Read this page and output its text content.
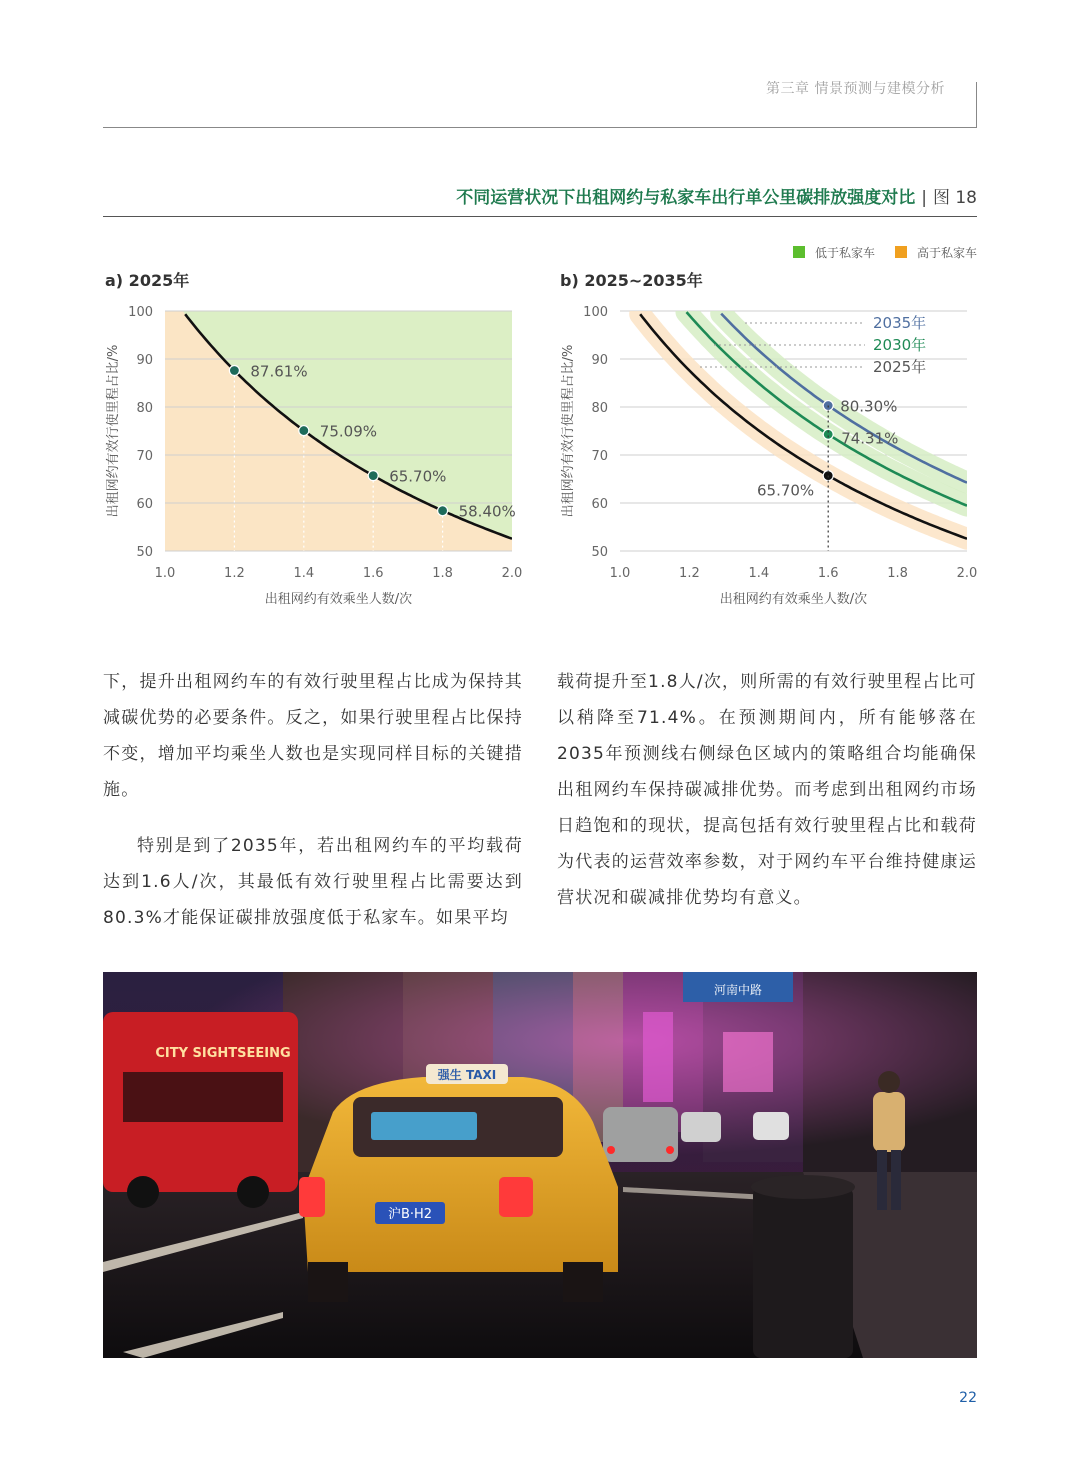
第三章 情景预测与建模分析
不同运营状况下出租网约与私家车出行单公里碳排放强度对比 | 图 18
低于私家车	高于私家车
a) 2025年
50
60
70
80
90
100
1.0	1.2	1.4	1.6	1.8	2.0
出租网约有效乘坐人数/次
出租网约有效行使里程占比/%	87.61%
75.09%
65.70%
58.40%
b) 2025~2035年
50
60
70
80
90
100
1.0	1.2	1.4	1.6	1.8	2.0
出租网约有效乘坐人数/次
出租网约有效行使里程占比/%
2035年
2030年
2025年
80.30%
74.31%
65.70%

下，提升出租网约车的有效行驶里程占比成为保持其减碳优势的必要条件。反之，如果行驶里程占比保持不变，增加平均乘坐人数也是实现同样目标的关键措施。

特别是到了2035年，若出租网约车的平均载荷达到1.6人/次，其最低有效行驶里程占比需要达到80.3%才能保证碳排放强度低于私家车。如果平均

载荷提升至1.8人/次，则所需的有效行驶里程占比可以稍降至71.4%。在预测期间内，所有能够落在2035年预测线右侧绿色区域内的策略组合均能确保出租网约车保持碳减排优势。而考虑到出租网约市场日趋饱和的现状，提高包括有效行驶里程占比和载荷为代表的运营效率参数，对于网约车平台维持健康运营状况和碳减排优势均有意义。

河南中路
CITY SIGHTSEEING
强生 TAXI
沪B·H2
22
